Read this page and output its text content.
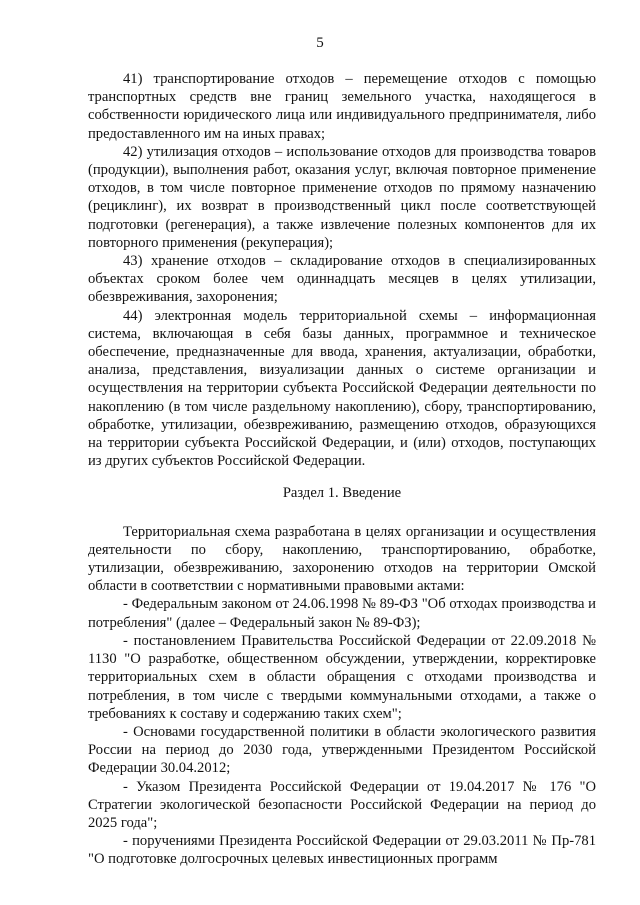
5

41) транспортирование отходов – перемещение отходов с помощью транспортных средств вне границ земельного участка, находящегося в собственности юридического лица или индивидуального предпринимателя, либо предоставленного им на иных правах;

42) утилизация отходов – использование отходов для производства товаров (продукции), выполнения работ, оказания услуг, включая повторное применение отходов, в том числе повторное применение отходов по прямому назначению (рециклинг), их возврат в производственный цикл после соответствующей подготовки (регенерация), а также извлечение полезных компонентов для их повторного применения (рекуперация);

43) хранение отходов – складирование отходов в специализированных объектах сроком более чем одиннадцать месяцев в целях утилизации, обезвреживания, захоронения;

44) электронная модель территориальной схемы – информационная система, включающая в себя базы данных, программное и техническое обеспечение, предназначенные для ввода, хранения, актуализации, обработки, анализа, представления, визуализации данных о системе организации и осуществления на территории субъекта Российской Федерации деятельности по накоплению (в том числе раздельному накоплению), сбору, транспортированию, обработке, утилизации, обезвреживанию, размещению отходов, образующихся на территории субъекта Российской Федерации, и (или) отходов, поступающих из других субъектов Российской Федерации.

Раздел 1. Введение

Территориальная схема разработана в целях организации и осуществления деятельности по сбору, накоплению, транспортированию, обработке, утилизации, обезвреживанию, захоронению отходов на территории Омской области в соответствии с нормативными правовыми актами:

- Федеральным законом от 24.06.1998 № 89-ФЗ "Об отходах производства и потребления" (далее – Федеральный закон № 89-ФЗ);

- постановлением Правительства Российской Федерации от 22.09.2018 № 1130 "О разработке, общественном обсуждении, утверждении, корректировке территориальных схем в области обращения с отходами производства и потребления, в том числе с твердыми коммунальными отходами, а также о требованиях к составу и содержанию таких схем";

- Основами государственной политики в области экологического развития России на период до 2030 года, утвержденными Президентом Российской Федерации 30.04.2012;

- Указом Президента Российской Федерации от 19.04.2017 № 176 "О Стратегии экологической безопасности Российской Федерации на период до 2025 года";

- поручениями Президента Российской Федерации от 29.03.2011 № Пр-781 "О подготовке долгосрочных целевых инвестиционных программ
